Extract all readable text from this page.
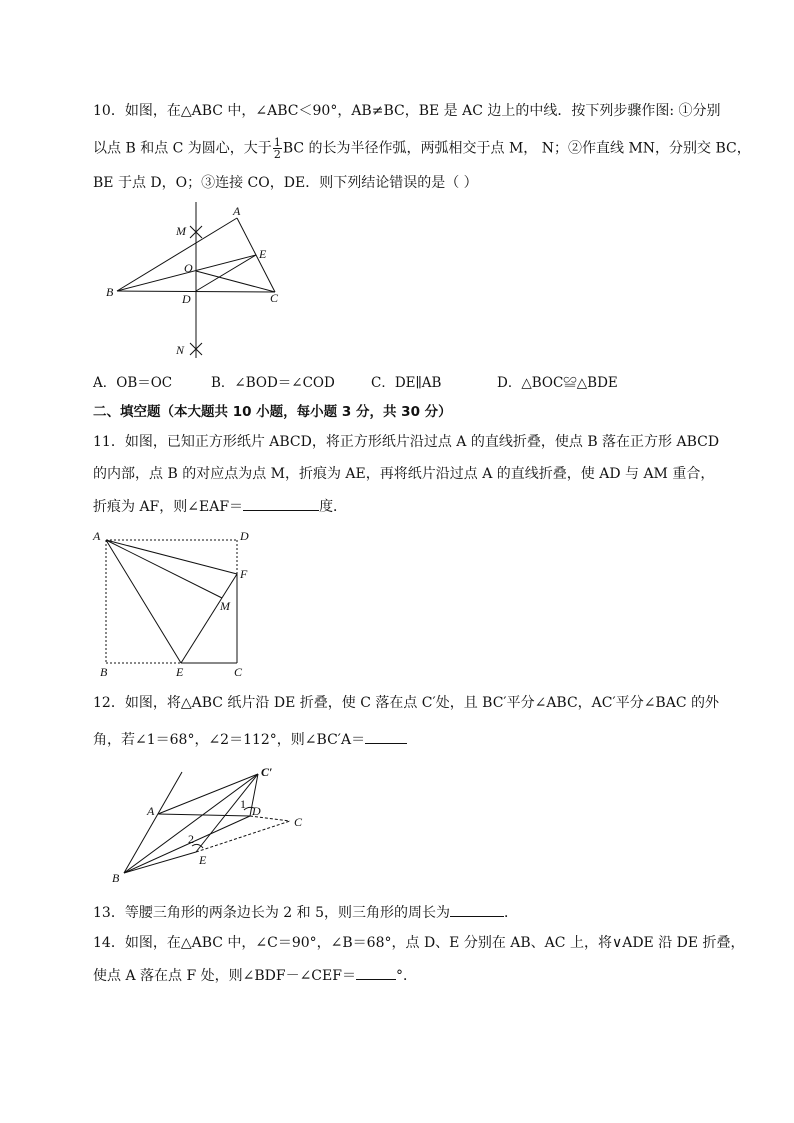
10．如图，在△ABC 中，∠ABC＜90°，AB≠BC，BE 是 AC 边上的中线．按下列步骤作图: ①分别
以点 B 和点 C 为圆心，大于 $\frac{1}{2}$ BC 的长为半径作弧，两弧相交于点 M， N；②作直线 MN，分别交 BC，
BE 于点 D，O；③连接 CO，DE．则下列结论错误的是（ ）
A
B	C
D
E
O
M
N
A．OB＝OC	B．∠BOD＝∠COD	C．DE∥AB	D．△BOC≌△BDE
二、填空题（本大题共 10 小题，每小题 3 分，共 30 分）
11．如图，已知正方形纸片 ABCD，将正方形纸片沿过点 A 的直线折叠，使点 B 落在正方形 ABCD
的内部，点 B 的对应点为点 M，折痕为 AE，再将纸片沿过点 A 的直线折叠，使 AD 与 AM 重合，
折痕为 AF，则∠EAF＝	度．
A	D
F
M
B	E	C
12．如图，将△ABC 纸片沿 DE 折叠，使 C 落在点 C′处，且 BC′平分∠ABC，AC′平分∠BAC 的外
角，若∠1＝68°，∠2＝112°，则∠BC′A＝
C′
A	D
C
E
B
1
2
13．等腰三角形的两条边长为 2 和 5，则三角形的周长为	．
14．如图，在△ABC 中，∠C＝90°，∠B＝68°，点 D、E 分别在 AB、AC 上，将∨ADE 沿 DE 折叠，
使点 A 落在点 F 处，则∠BDF－∠CEF＝	°．
